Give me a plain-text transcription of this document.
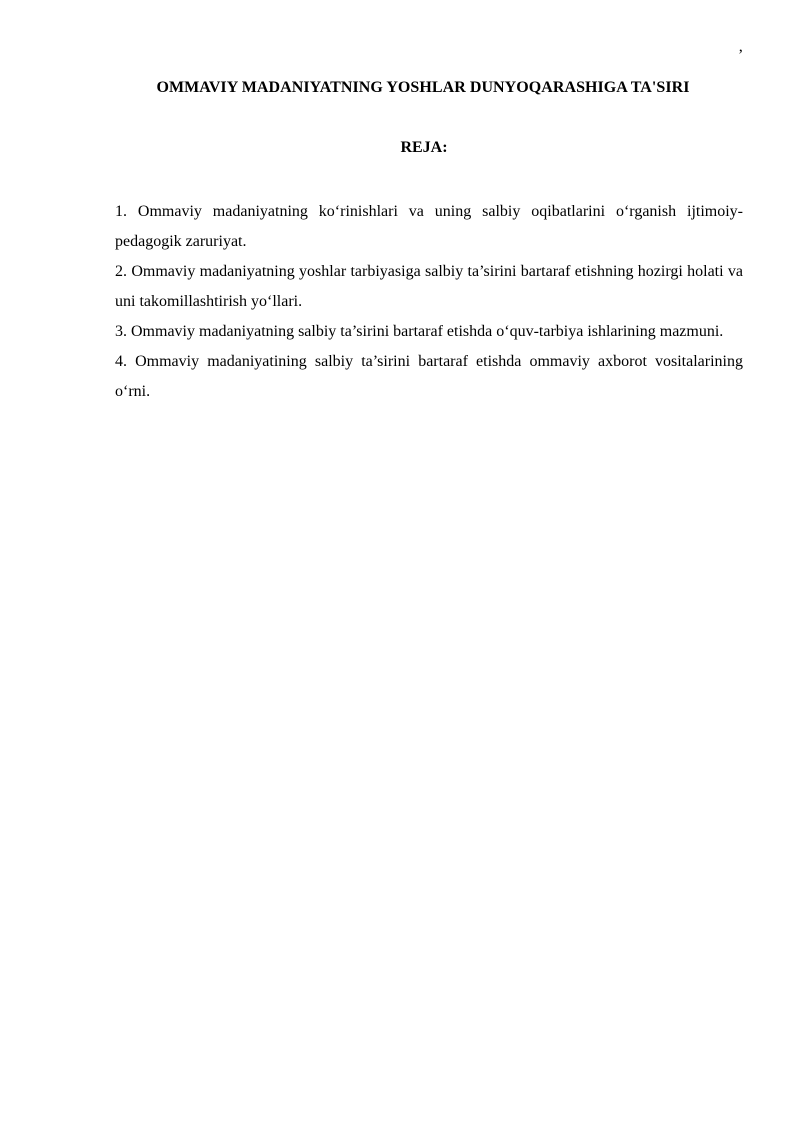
’
OMMAVIY MADANIYATNING YOSHLAR DUNYOQARASHIGA TA'SIRI
REJA:
1. Ommaviy madaniyatning ko‘rinishlari va uning salbiy oqibatlarini o‘rganish ijtimoiy-pedagogik zaruriyat.
2. Ommaviy madaniyatning yoshlar tarbiyasiga salbiy ta’sirini bartaraf etishning hozirgi holati va uni takomillashtirish yo‘llari.
3. Ommaviy madaniyatning salbiy ta’sirini bartaraf etishda o‘quv-tarbiya ishlarining mazmuni.
4. Ommaviy madaniyatining salbiy ta’sirini bartaraf etishda ommaviy axborot vositalarining o‘rni.
